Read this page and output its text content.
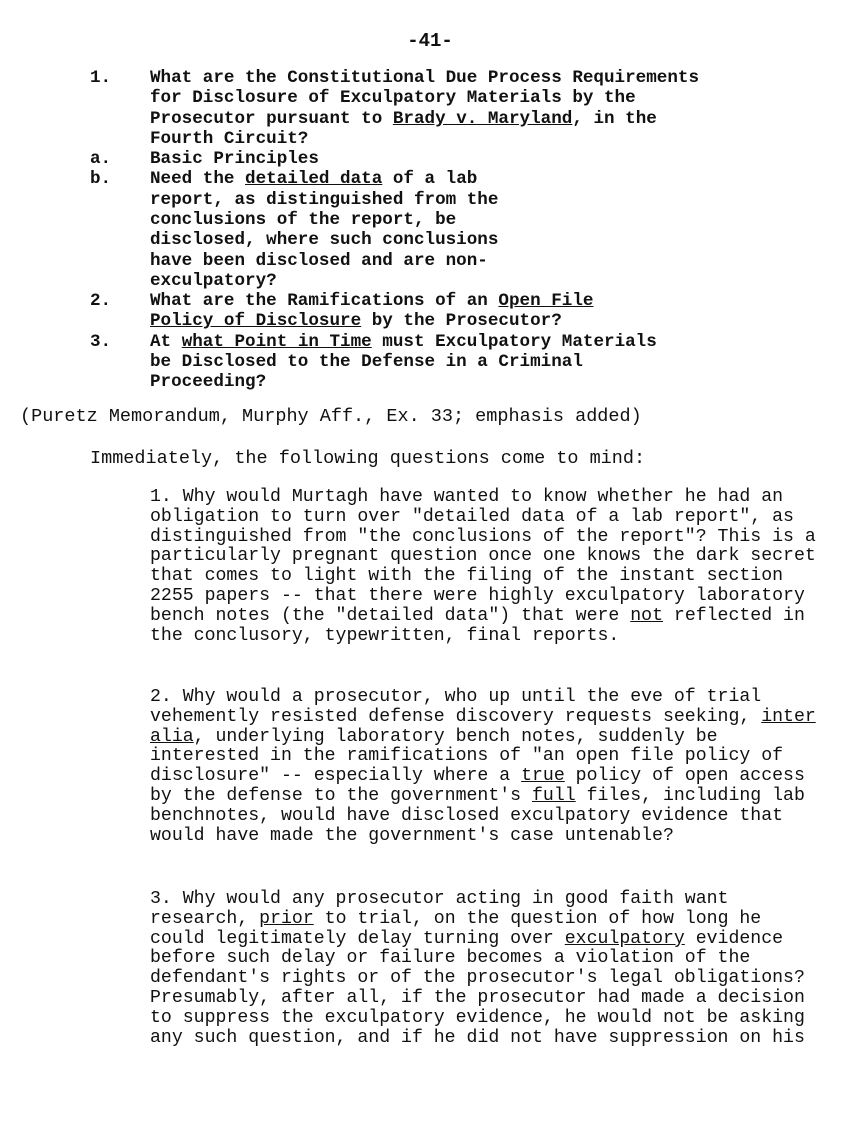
-41-
1. What are the Constitutional Due Process Requirements for Disclosure of Exculpatory Materials by the Prosecutor pursuant to Brady v. Maryland, in the Fourth Circuit?
a. Basic Principles
b. Need the detailed data of a lab report, as distinguished from the conclusions of the report, be disclosed, where such conclusions have been disclosed and are non-exculpatory?
2. What are the Ramifications of an Open File Policy of Disclosure by the Prosecutor?
3. At what Point in Time must Exculpatory Materials be Disclosed to the Defense in a Criminal Proceeding?
(Puretz Memorandum, Murphy Aff., Ex. 33; emphasis added)
Immediately, the following questions come to mind:

1. Why would Murtagh have wanted to know whether he had an obligation to turn over "detailed data of a lab report", as distinguished from "the conclusions of the report"? This is a particularly pregnant question once one knows the dark secret that comes to light with the filing of the instant section 2255 papers -- that there were highly exculpatory laboratory bench notes (the "detailed data") that were not reflected in the conclusory, typewritten, final reports.

2. Why would a prosecutor, who up until the eve of trial vehemently resisted defense discovery requests seeking, inter alia, underlying laboratory bench notes, suddenly be interested in the ramifications of "an open file policy of disclosure" -- especially where a true policy of open access by the defense to the government's full files, including lab benchnotes, would have disclosed exculpatory evidence that would have made the government's case untenable?

3. Why would any prosecutor acting in good faith want research, prior to trial, on the question of how long he could legitimately delay turning over exculpatory evidence before such delay or failure becomes a violation of the defendant's rights or of the prosecutor's legal obligations? Presumably, after all, if the prosecutor had made a decision to suppress the exculpatory evidence, he would not be asking any such question, and if he did not have suppression on his
